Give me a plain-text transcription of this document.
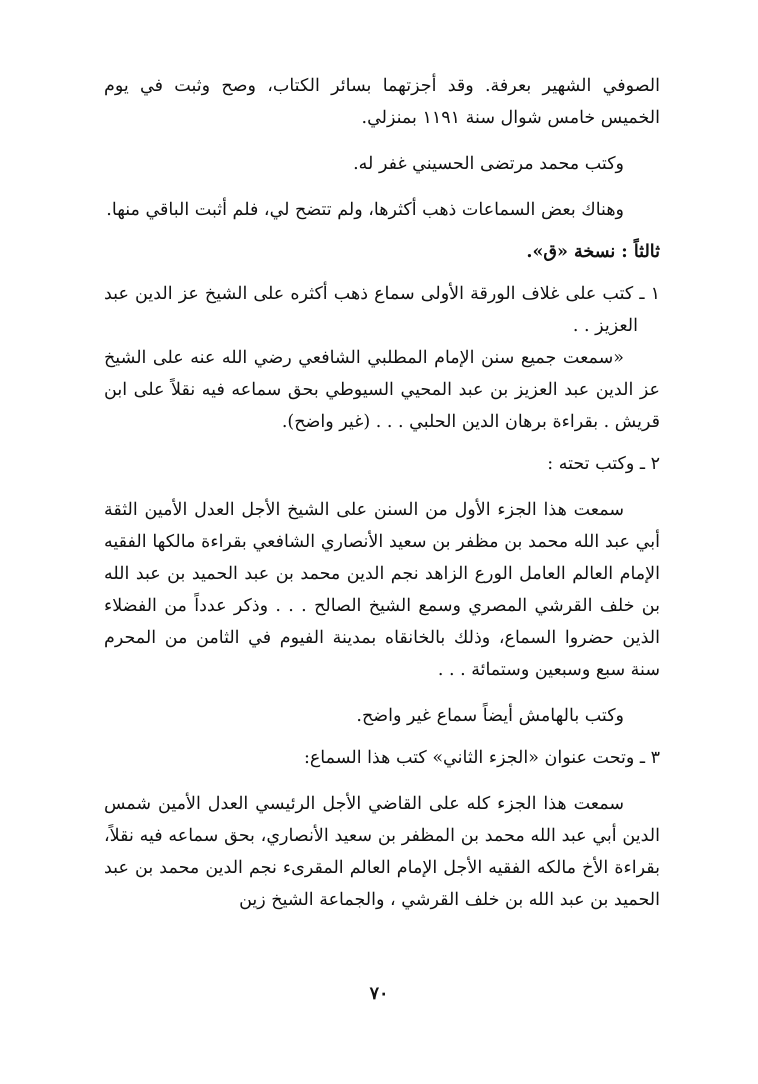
الصوفي الشهير بعرفة. وقد أجزتهما بسائر الكتاب، وصح وثبت في يوم الخميس خامس شوال سنة ١١٩١ بمنزلي.

وكتب محمد مرتضى الحسيني غفر له.

وهناك بعض السماعات ذهب أكثرها، ولم تتضح لي، فلم أثبت الباقي منها.

ثالثاً : نسخة «ق».

١ ـ كتب على غلاف الورقة الأولى سماع ذهب أكثره على الشيخ عز الدين عبد العزيز . .

«سمعت جميع سنن الإمام المطلبي الشافعي رضي الله عنه على الشيخ عز الدين عبد العزيز بن عبد المحيي السيوطي بحق سماعه فيه نقلاً على ابن قريش . بقراءة برهان الدين الحلبي . . . (غير واضح).

٢ ـ وكتب تحته :

سمعت هذا الجزء الأول من السنن على الشيخ الأجل العدل الأمين الثقة أبي عبد الله محمد بن مظفر بن سعيد الأنصاري الشافعي بقراءة مالكها الفقيه الإمام العالم العامل الورع الزاهد نجم الدين محمد بن عبد الحميد بن عبد الله بن خلف القرشي المصري وسمع الشيخ الصالح . . . وذكر عدداً من الفضلاء الذين حضروا السماع، وذلك بالخانقاه بمدينة الفيوم في الثامن من المحرم سنة سبع وسبعين وستمائة . . .

وكتب بالهامش أيضاً سماع غير واضح.

٣ ـ وتحت عنوان «الجزء الثاني» كتب هذا السماع:

سمعت هذا الجزء كله على القاضي الأجل الرئيسي العدل الأمين شمس الدين أبي عبد الله محمد بن المظفر بن سعيد الأنصاري، بحق سماعه فيه نقلاً، بقراءة الأخ مالكه الفقيه الأجل الإمام العالم المقرىء نجم الدين محمد بن عبد الحميد بن عبد الله بن خلف القرشي ، والجماعة الشيخ زين

٧٠
